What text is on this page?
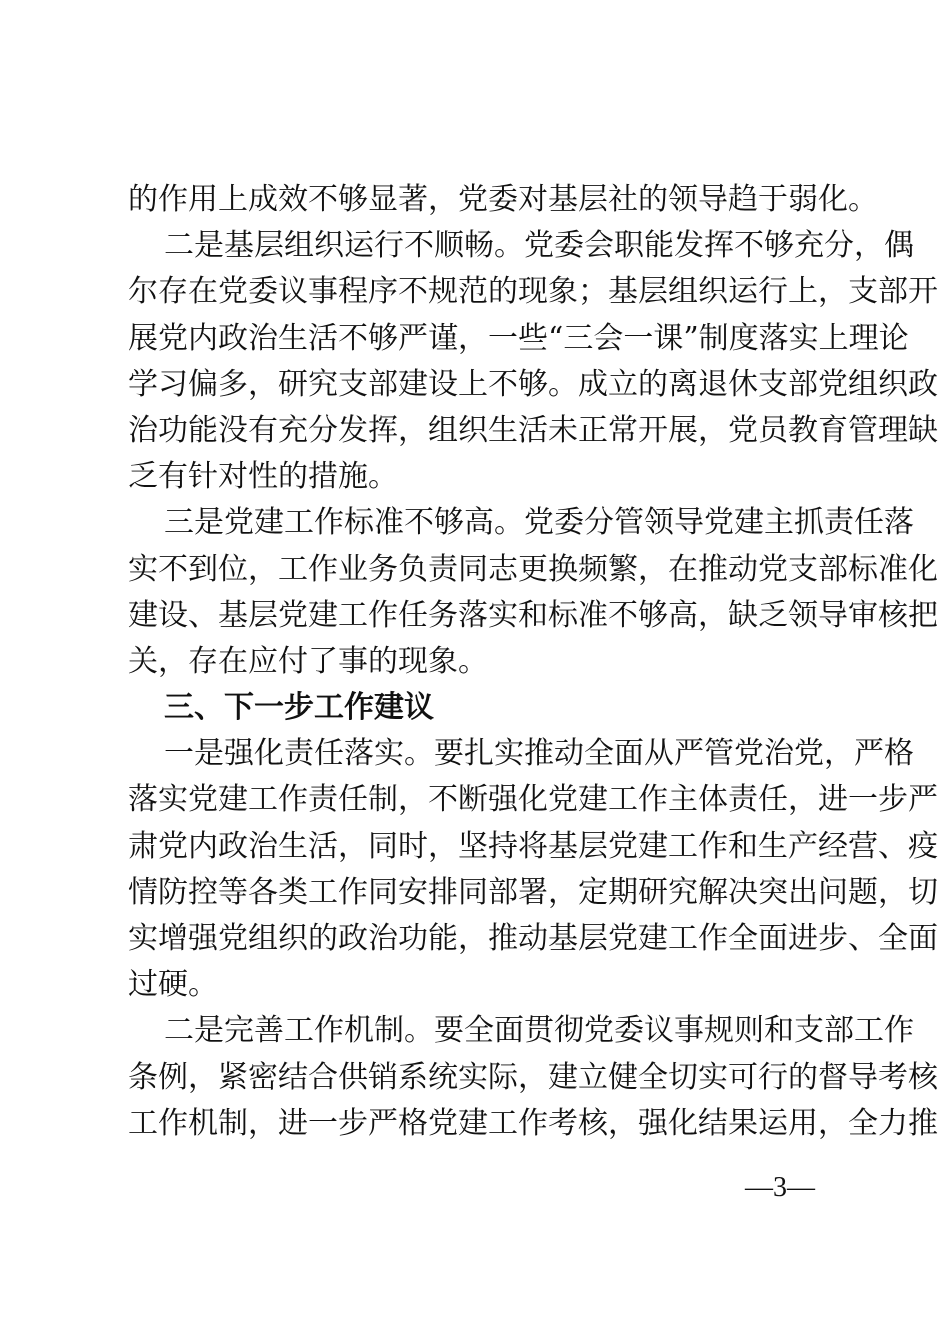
的作用上成效不够显著，党委对基层社的领导趋于弱化。
二是基层组织运行不顺畅。党委会职能发挥不够充分，偶
尔存在党委议事程序不规范的现象；基层组织运行上，支部开
展党内政治生活不够严谨，一些“三会一课”制度落实上理论
学习偏多，研究支部建设上不够。成立的离退休支部党组织政
治功能没有充分发挥，组织生活未正常开展，党员教育管理缺
乏有针对性的措施。
三是党建工作标准不够高。党委分管领导党建主抓责任落
实不到位，工作业务负责同志更换频繁，在推动党支部标准化
建设、基层党建工作任务落实和标准不够高，缺乏领导审核把
关，存在应付了事的现象。
三、下一步工作建议
一是强化责任落实。要扎实推动全面从严管党治党，严格
落实党建工作责任制，不断强化党建工作主体责任，进一步严
肃党内政治生活，同时，坚持将基层党建工作和生产经营、疫
情防控等各类工作同安排同部署，定期研究解决突出问题，切
实增强党组织的政治功能，推动基层党建工作全面进步、全面
过硬。
二是完善工作机制。要全面贯彻党委议事规则和支部工作
条例，紧密结合供销系统实际，建立健全切实可行的督导考核
工作机制，进一步严格党建工作考核，强化结果运用，全力推
—3—
